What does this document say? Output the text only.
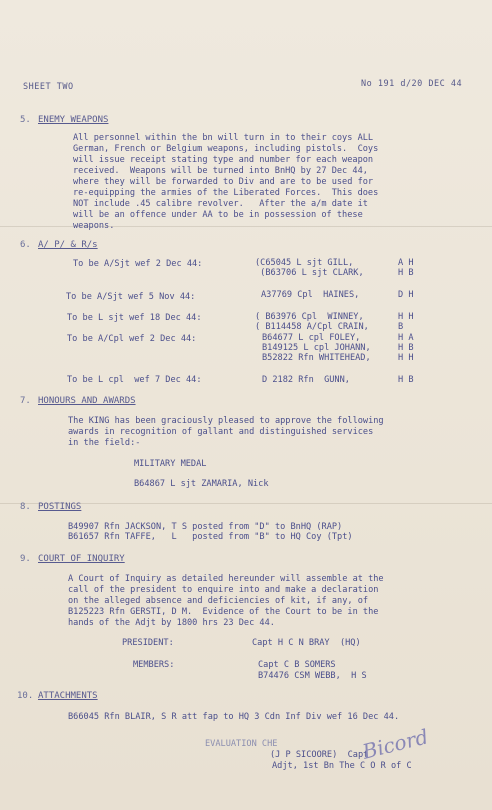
SHEET TWO	No 191 d/20 DEC 44
5. ENEMY WEAPONS
All personnel within the bn will turn in to their coys ALL
German, French or Belgium weapons, including pistols.  Coys
will issue receipt stating type and number for each weapon
received.  Weapons will be turned into BnHQ by 27 Dec 44,
where they will be forwarded to Div and are to be used for
re-equipping the armies of the Liberated Forces.  This does
NOT include .45 calibre revolver.   After the a/m date it
will be an offence under AA to be in possession of these
weapons.
6. A/ P/ & R/s
To be A/Sjt wef 2 Dec 44:	(C65045 L sjt GILL,	A H
(B63706 L sjt CLARK,	H B
To be A/Sjt wef 5 Nov 44:	A37769 Cpl  HAINES,	D H
To be L sjt wef 18 Dec 44:	( B63976 Cpl  WINNEY,	H H
( B114458 A/Cpl CRAIN,	B
To be A/Cpl wef 2 Dec 44:	B64677 L cpl FOLEY,	H A
B149125 L cpl JOHANN,	H B
B52822 Rfn WHITEHEAD,	H H
To be L cpl  wef 7 Dec 44:	D 2182 Rfn  GUNN,	H B
7. HONOURS AND AWARDS
The KING has been graciously pleased to approve the following
awards in recognition of gallant and distinguished services
in the field:-
MILITARY MEDAL
B64867 L sjt ZAMARIA, Nick
8. POSTINGS
B49907 Rfn JACKSON, T S posted from "D" to BnHQ (RAP)
B61657 Rfn TAFFE,   L   posted from "B" to HQ Coy (Tpt)
9. COURT OF INQUIRY
A Court of Inquiry as detailed hereunder will assemble at the
call of the president to enquire into and make a declaration
on the alleged absence and deficiencies of kit, if any, of
B125223 Rfn GERSTI, D M.  Evidence of the Court to be in the
hands of the Adjt by 1800 hrs 23 Dec 44.
PRESIDENT:	Capt H C N BRAY  (HQ)
MEMBERS:	Capt C B SOMERS
B74476 CSM WEBB,  H S
10. ATTACHMENTS
B66045 Rfn BLAIR, S R att fap to HQ 3 Cdn Inf Div wef 16 Dec 44.
EVALUATION CHE
(J P SICOORE)  Capt
Adjt, 1st Bn The C O R of C
Bicord
